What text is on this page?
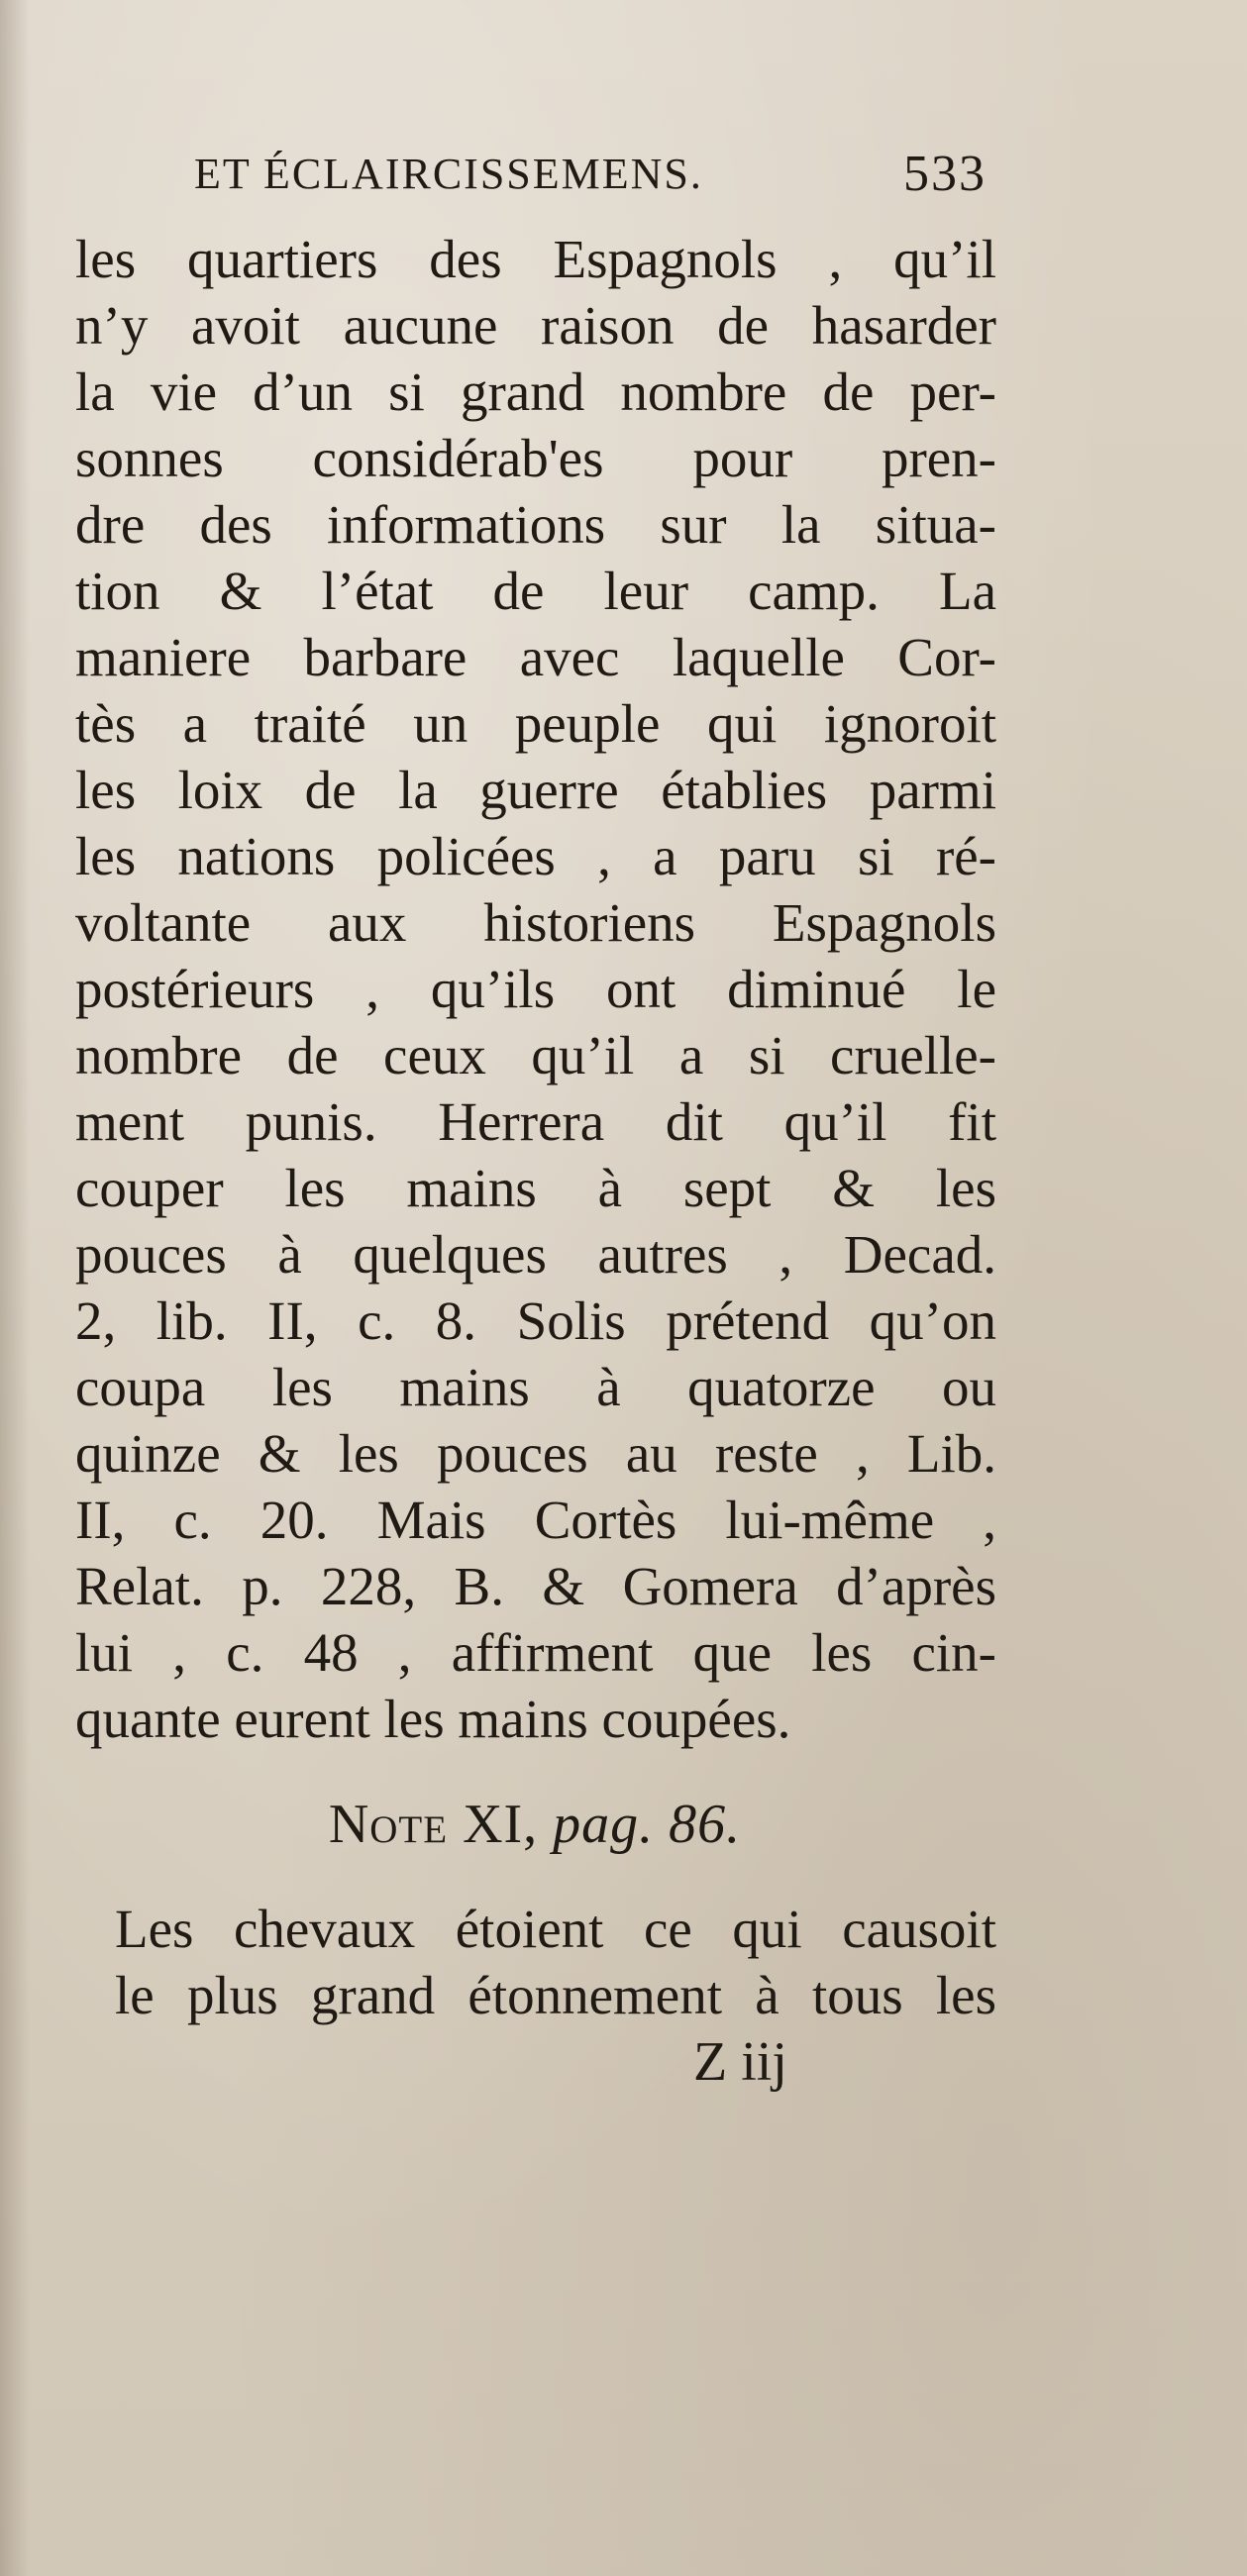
ET ÉCLAIRCISSEMENS.	533
les quartiers des Espagnols , qu’il
n’y avoit aucune raison de hasarder
la vie d’un si grand nombre de per-
sonnes considérab'es pour pren-
dre des informations sur la situa-
tion & l’état de leur camp. La
maniere barbare avec laquelle Cor-
tès a traité un peuple qui ignoroit
les loix de la guerre établies parmi
les nations policées , a paru si ré-
voltante aux historiens Espagnols
postérieurs , qu’ils ont diminué le
nombre de ceux qu’il a si cruelle-
ment punis. Herrera dit qu’il fit
couper les mains à sept & les
pouces à quelques autres , Decad.
2, lib. II, c. 8. Solis prétend qu’on
coupa les mains à quatorze ou
quinze & les pouces au reste , Lib.
II, c. 20. Mais Cortès lui-même ,
Relat. p. 228, B. & Gomera d’après
lui , c. 48 , affirment que les cin-
quante eurent les mains coupées.
Note XI, pag. 86.
Les chevaux étoient ce qui causoit
le plus grand étonnement à tous les
Z iij
